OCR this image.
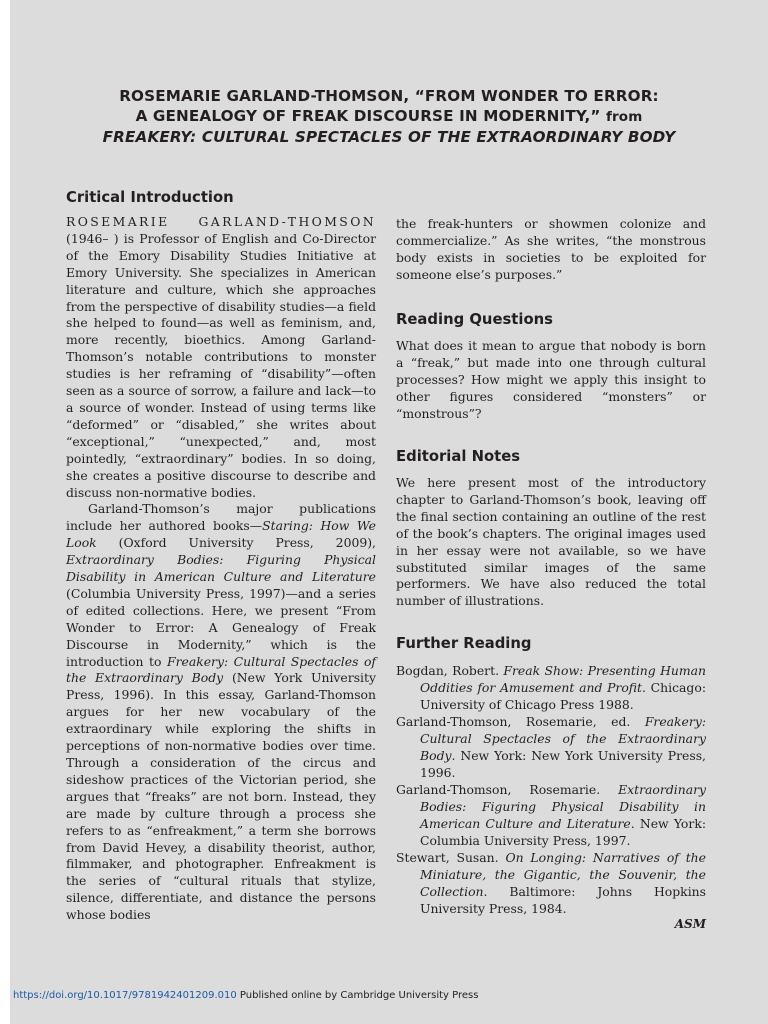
ROSEMARIE GARLAND-THOMSON, “FROM WONDER TO ERROR:
A GENEALOGY OF FREAK DISCOURSE IN MODERNITY,” from
FREAKERY: CULTURAL SPECTACLES OF THE EXTRAORDINARY BODY
Critical Introduction

ROSEMARIE GARLAND-THOMSON (1946– ) is Professor of English and Co-Director of the Emory Disability Studies Initiative at Emory University. She specializes in American literature and culture, which she approaches from the perspective of disability studies—a field she helped to found—as well as feminism, and, more recently, bioethics. Among Garland-Thomson’s notable contributions to monster studies is her reframing of “disability”—often seen as a source of sorrow, a failure and lack—to a source of wonder. Instead of using terms like “deformed” or “disabled,” she writes about “exceptional,” “unexpected,” and, most pointedly, “extraordinary” bodies. In so doing, she creates a positive discourse to describe and discuss non-normative bodies.

Garland-Thomson’s major publications include her authored books—Staring: How We Look (Oxford University Press, 2009), Extraordinary Bodies: Figuring Physical Disability in American Culture and Literature (Columbia University Press, 1997)—and a series of edited collections. Here, we present “From Wonder to Error: A Genealogy of Freak Discourse in Modernity,” which is the introduction to Freakery: Cultural Spectacles of the Extraordinary Body (New York University Press, 1996). In this essay, Garland-Thomson argues for her new vocabulary of the extraordinary while exploring the shifts in perceptions of non-normative bodies over time. Through a consideration of the circus and sideshow practices of the Victorian period, she argues that “freaks” are not born. Instead, they are made by culture through a process she refers to as “enfreakment,” a term she borrows from David Hevey, a disability theorist, author, filmmaker, and photographer. Enfreakment is the series of “cultural rituals that stylize, silence, differentiate, and distance the persons whose bodies

the freak-hunters or showmen colonize and commercialize.” As she writes, “the monstrous body exists in societies to be exploited for someone else’s purposes.”

Reading Questions
What does it mean to argue that nobody is born a “freak,” but made into one through cultural processes? How might we apply this insight to other figures considered “monsters” or “monstrous”?
Editorial Notes
We here present most of the introductory chapter to Garland-Thomson’s book, leaving off the final section containing an outline of the rest of the book’s chapters. The original images used in her essay were not available, so we have substituted similar images of the same performers. We have also reduced the total number of illustrations.
Further Reading

Bogdan, Robert. Freak Show: Presenting Human Oddities for Amusement and Profit. Chicago: University of Chicago Press 1988.

Garland-Thomson, Rosemarie, ed. Freakery: Cultural Spectacles of the Extraordinary Body. New York: New York University Press, 1996.

Garland-Thomson, Rosemarie. Extraordinary Bodies: Figuring Physical Disability in American Culture and Literature. New York: Columbia University Press, 1997.

Stewart, Susan. On Longing: Narratives of the Miniature, the Gigantic, the Souvenir, the Collection. Baltimore: Johns Hopkins University Press, 1984.

ASM
https://doi.org/10.1017/9781942401209.010 Published online by Cambridge University Press
